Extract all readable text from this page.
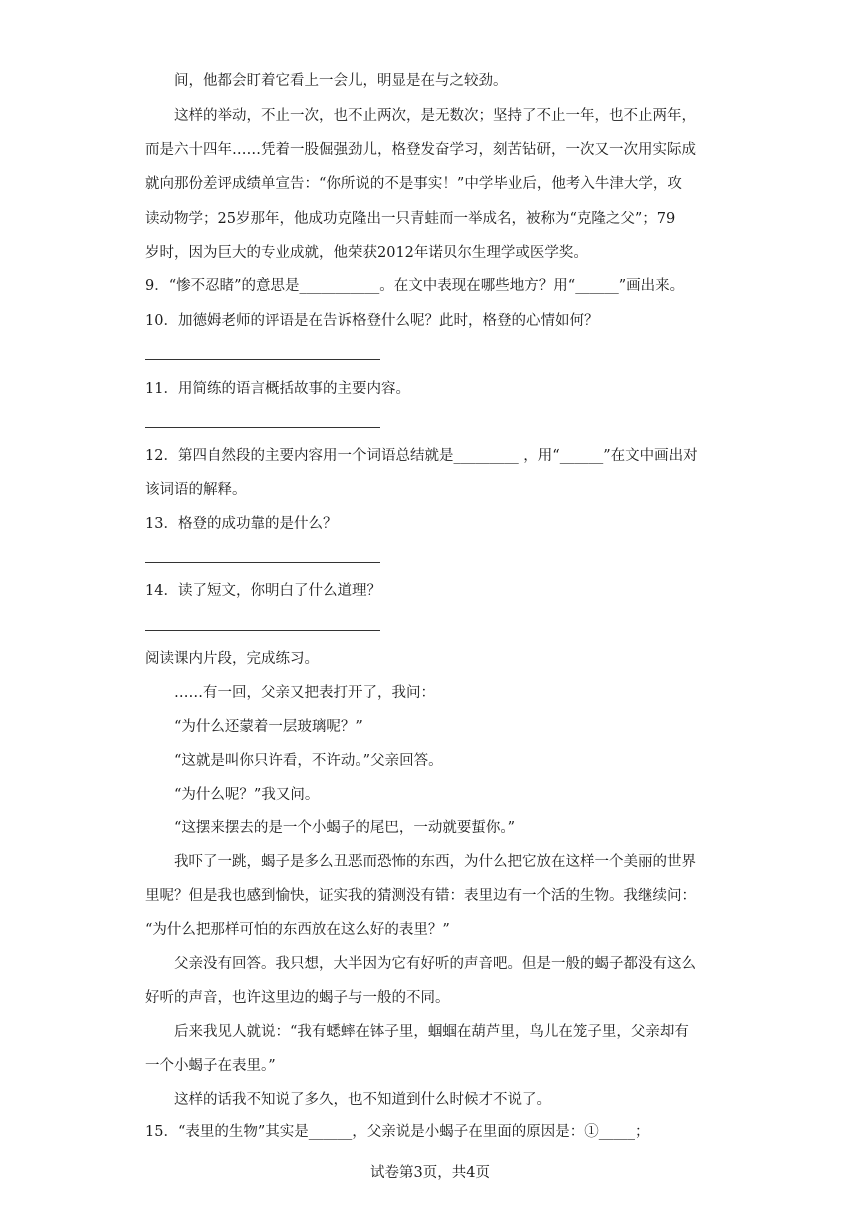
间，他都会盯着它看上一会儿，明显是在与之较劲。
这样的举动，不止一次，也不止两次，是无数次；坚持了不止一年，也不止两年，
而是六十四年……凭着一股倔强劲儿，格登发奋学习，刻苦钻研，一次又一次用实际成
就向那份差评成绩单宣告：“你所说的不是事实！”中学毕业后，他考入牛津大学，攻
读动物学；25岁那年，他成功克隆出一只青蛙而一举成名，被称为“克隆之父”；79
岁时，因为巨大的专业成就，他荣获2012年诺贝尔生理学或医学奖。
9．“惨不忍睹”的意思是___________。在文中表现在哪些地方？用“______”画出来。
10．加德姆老师的评语是在告诉格登什么呢？此时，格登的心情如何？
11．用简练的语言概括故事的主要内容。
12．第四自然段的主要内容用一个词语总结就是_________ ，用“______”在文中画出对
该词语的解释。
13．格登的成功靠的是什么？
14．读了短文，你明白了什么道理？
阅读课内片段，完成练习。
……有一回，父亲又把表打开了，我问：
“为什么还蒙着一层玻璃呢？”
“这就是叫你只许看，不许动。”父亲回答。
“为什么呢？”我又问。
“这摆来摆去的是一个小蝎子的尾巴，一动就要蜇你。”
我吓了一跳，蝎子是多么丑恶而恐怖的东西，为什么把它放在这样一个美丽的世界
里呢？但是我也感到愉快，证实我的猜测没有错：表里边有一个活的生物。我继续问：
“为什么把那样可怕的东西放在这么好的表里？”
父亲没有回答。我只想，大半因为它有好听的声音吧。但是一般的蝎子都没有这么
好听的声音，也许这里边的蝎子与一般的不同。
后来我见人就说：“我有蟋蟀在钵子里，蝈蝈在葫芦里，鸟儿在笼子里，父亲却有
一个小蝎子在表里。”
这样的话我不知说了多久，也不知道到什么时候才不说了。
15．“表里的生物”其实是______，父亲说是小蝎子在里面的原因是：①_____；
试卷第3页，共4页
